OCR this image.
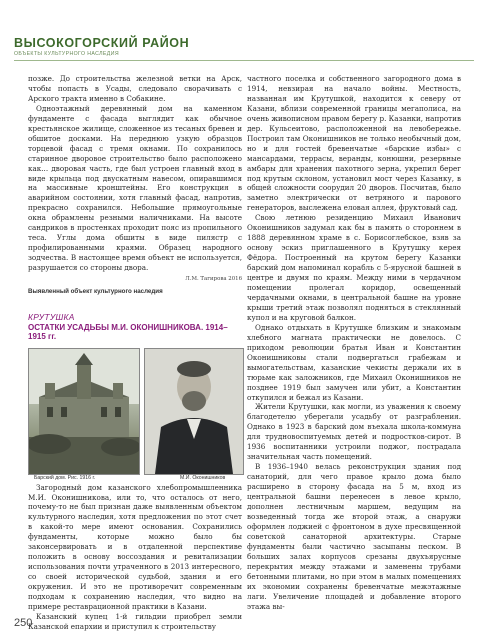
ВЫСОКОГОРСКИЙ РАЙОН
ОБЪЕКТЫ КУЛЬТУРНОГО НАСЛЕДИЯ

позже. До строительства железной ветки на Арск, чтобы попасть в Усады, следовало сворачивать с Арского тракта именно в Собакине.

Одноэтажный деревянный дом на каменном фундаменте с фасада выглядит как обычное крестьянское жилище, сложенное из тесаных бревен и обшитое досками. На переднюю узкую образцов торцевой фасад с тремя окнами. По сохранилось старинное дворовое строительство было расположено как... дворовая часть, где был устроен главный вход в виде крыльца под двускатным навесом, опиравшимся на массивные кронштейны. Его конструкция в аварийном состоянии, хотя главный фасад, напротив, прекрасно сохранился. Небольшие прямоугольные окна обрамлены резными наличниками. На высоте сандриков в простенках проходит пояс из пропильного теса. Углы дома обшиты в виде пилястр с профилированными краями. Образец народного зодчества. В настоящее время объект не используется, разрушается со стороны двора.

Л.М. Тагирова 2016
Выявленный объект культурного наследия
КРУТУШКА
ОСТАТКИ УСАДЬБЫ М.И. ОКОНИШНИКОВА. 1914–1915 гг.
Барский дом. Рис. 1916 г.	М.И. Оконишников

Загородный дом казанского хлебопромышленника М.И. Оконишникова, или то, что осталось от него, почему-то не был признан даже выявленным объектом культурного наследия, хотя предложения по этот счет в какой-то мере имеют основания. Сохранились фундаменты, которые можно было бы законсервировать и в отдаленной перспективе положить в основу воссоздания и ревитализации использования почти утраченного в 2013 интересного, со своей исторической судьбой, здания и его окружения. И это не противоречит современным подходам к сохранению наследия, что видно на примере реставрационной практики в Казани.

Казанский купец 1-й гильдии приобрел земли Казанской епархии и приступил к строительству

частного поселка и собственного загородного дома в 1914, невзирая на начало войны. Местность, названная им Крутушкой, находится к северу от Казани, вблизи современной границы мегаполиса, на очень живописном правом берегу р. Казанки, напротив дер. Кульсеитово, расположенной на левобережье. Построил там Оконишников не только необычный дом, но и для гостей бревенчатые «барские избы» с мансардами, террасы, веранды, конюшни, резервные амбары для хранения пахотного зерна, укрепил берег под крутым склоном, установил мост через Казанку, в общей сложности соорудил 20 дворов. Посчитав, было заметно электрически от ветряного и парового генераторов, выслежена еловая аллея, фруктовый сад.

Свою летнюю резиденцию Михаил Иванович Оконишников задумал как бы в память о стороннем в 1888 деревянном храме в с. Борисоглебское, взяв за основу эскиз приглашенного в Крутушку керея Фёдора. Построенный на крутом берегу Казанки барский дом напоминал корабль с 5-ярусной башней в центре и двумя по краям. Между ними в чердачном помещении пролегал коридор, освещенный чердачными окнами, в центральной башне на уровне крыши третий этаж позволял подняться в стеклянный купол и на круговой балкон.

Однако отдыхать в Крутушке близким и знакомым хлебного магната практически не довелось. С приходом революции братья Иван и Константин Оконишниковы стали подвергаться грабежам и вымогательствам, казанские чекисты держали их в тюрьме как заложников, где Михаил Оконишников не позднее 1919 был замучен или убит, а Константин откупился и бежал из Казани.

Жители Крутушки, как могли, из уважения к своему благодетелю уберегали усадьбу от разграбления. Однако в 1923 в барский дом въехала школа-коммуна для трудновоспитуемых детей и подростков-сирот. В 1936 воспитанники устроили поджог, пострадала значительная часть помещений.

В 1936–1940 велась реконструкция здания под санаторий, для чего правое крыло дома было расширено в сторону фасада на 5 м, вход из центральной башни перенесен в левое крыло, дополнен лестничным маршем, ведущим на возведенный тогда же второй этаж, а снаружи оформлен лоджией с фронтоном в духе пресвященной советской санаторной архитектуры. Старые фундаменты были частично засыпаны песком. В больших залах корпусов срезаны двухъярусные перекрытия между этажами и заменены трубами бетонными плитами, но при этом в малых помещениях их экономии сохранены бревенчатые межэтажные лаги. Увеличение площадей и добавление второго этажа вы-

250
